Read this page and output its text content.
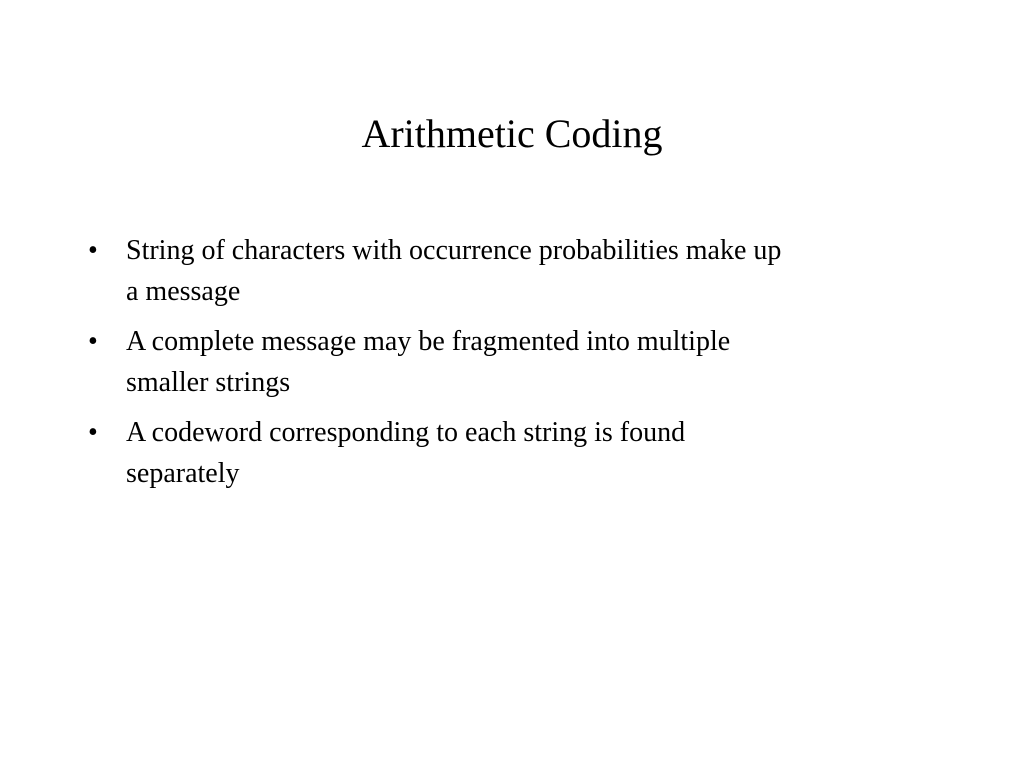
Arithmetic Coding
•	String of characters with occurrence probabilities make up
a message
•	A complete message may be fragmented into multiple
smaller strings
•	A codeword corresponding to each string is found
separately
